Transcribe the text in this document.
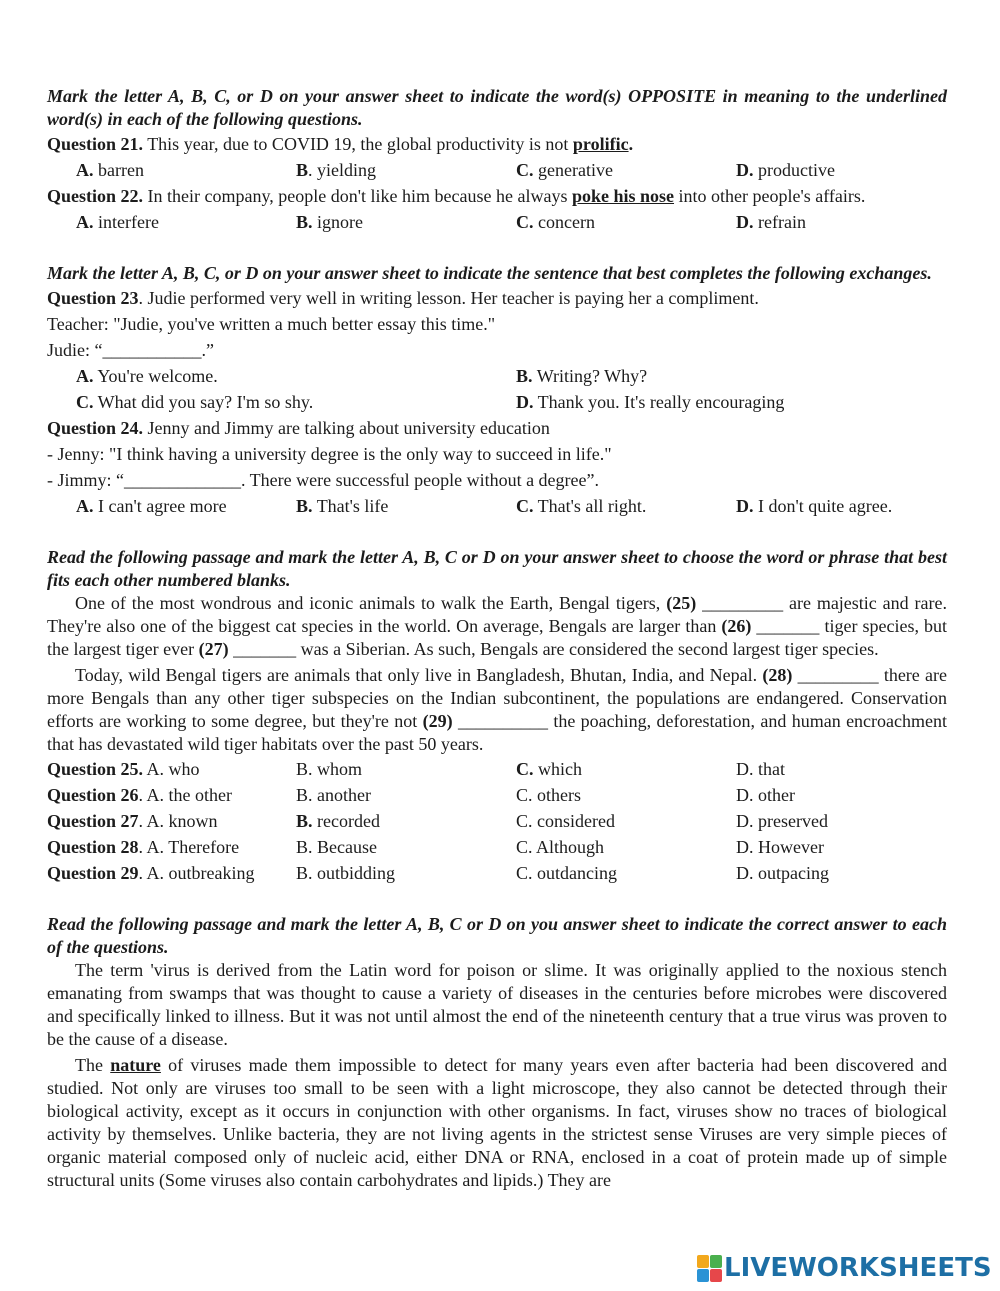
Mark the letter A, B, C, or D on your answer sheet to indicate the word(s) OPPOSITE in meaning to the underlined word(s) in each of the following questions.
Question 21. This year, due to COVID 19, the global productivity is not prolific.
A. barren	B. yielding	C. generative	D. productive
Question 22. In their company, people don't like him because he always poke his nose into other people's affairs.
A. interfere	B. ignore	C. concern	D. refrain
Mark the letter A, B, C, or D on your answer sheet to indicate the sentence that best completes the following exchanges.
Question 23. Judie performed very well in writing lesson. Her teacher is paying her a compliment.
Teacher: "Judie, you've written a much better essay this time."
Judie: “___________.”
A. You're welcome.	B. Writing? Why?
C. What did you say? I'm so shy.	D. Thank you. It's really encouraging
Question 24. Jenny and Jimmy are talking about university education
- Jenny: "I think having a university degree is the only way to succeed in life."
- Jimmy: “_____________. There were successful people without a degree”.
A. I can't agree more	B. That's life	C. That's all right.	D. I don't quite agree.
Read the following passage and mark the letter A, B, C or D on your answer sheet to choose the word or phrase that best fits each other numbered blanks.

One of the most wondrous and iconic animals to walk the Earth, Bengal tigers, (25) _________ are majestic and rare. They're also one of the biggest cat species in the world. On average, Bengals are larger than (26) _______ tiger species, but the largest tiger ever (27) _______ was a Siberian. As such, Bengals are considered the second largest tiger species.

Today, wild Bengal tigers are animals that only live in Bangladesh, Bhutan, India, and Nepal. (28) _________ there are more Bengals than any other tiger subspecies on the Indian subcontinent, the populations are endangered. Conservation efforts are working to some degree, but they're not (29) __________ the poaching, deforestation, and human encroachment that has devastated wild tiger habitats over the past 50 years.

Question 25. A. who	B. whom	C. which	D. that
Question 26. A. the other	B. another	C. others	D. other
Question 27. A. known	B. recorded	C. considered	D. preserved
Question 28. A. Therefore	B. Because	C. Although	D. However
Question 29. A. outbreaking	B. outbidding	C. outdancing	D. outpacing
Read the following passage and mark the letter A, B, C or D on you answer sheet to indicate the correct answer to each of the questions.

The term 'virus is derived from the Latin word for poison or slime. It was originally applied to the noxious stench emanating from swamps that was thought to cause a variety of diseases in the centuries before microbes were discovered and specifically linked to illness. But it was not until almost the end of the nineteenth century that a true virus was proven to be the cause of a disease.

The nature of viruses made them impossible to detect for many years even after bacteria had been discovered and studied. Not only are viruses too small to be seen with a light microscope, they also cannot be detected through their biological activity, except as it occurs in conjunction with other organisms. In fact, viruses show no traces of biological activity by themselves. Unlike bacteria, they are not living agents in the strictest sense Viruses are very simple pieces of organic material composed only of nucleic acid, either DNA or RNA, enclosed in a coat of protein made up of simple structural units (Some viruses also contain carbohydrates and lipids.) They are

LIVEWORKSHEETS
